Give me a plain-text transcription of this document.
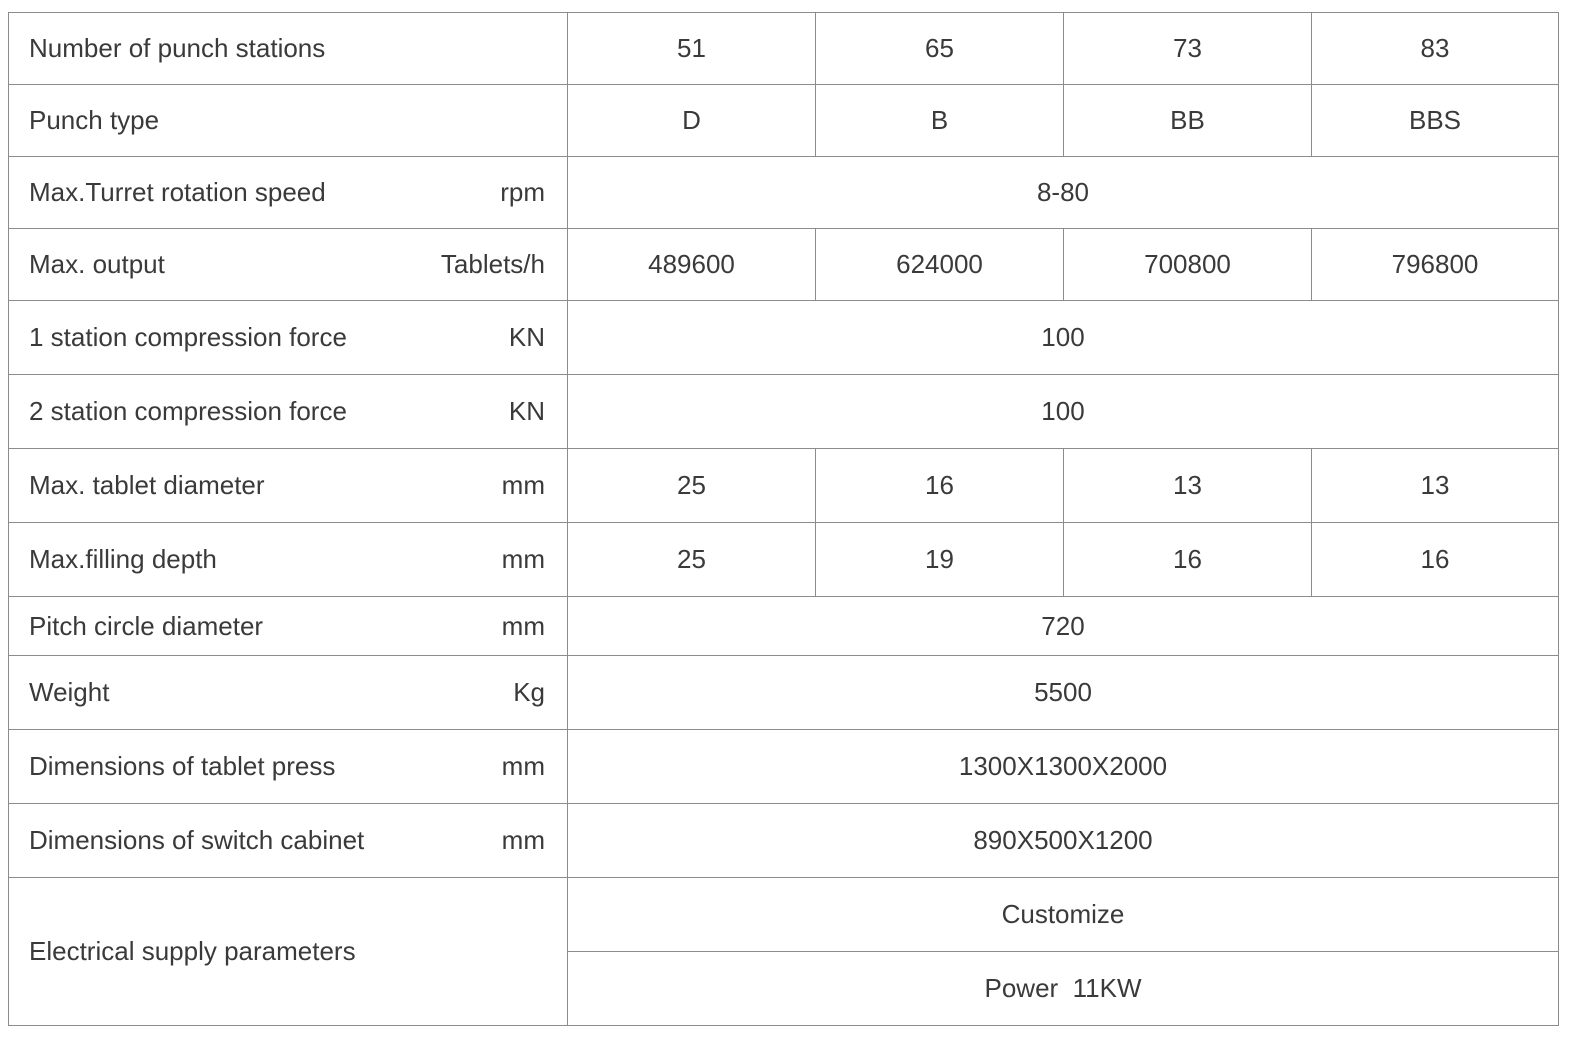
Number of punch stations		51	65	73	83
Punch type		D	B	BB	BBS
Max.Turret rotation speed	rpm	8-80			
Max. output	Tablets/h	489600	624000	700800	796800
1 station compression force	KN	100			
2 station compression force	KN	100			
Max. tablet diameter	mm	25	16	13	13
Max.filling depth	mm	25	19	16	16
Pitch circle diameter	mm	720			
Weight	Kg	5500			
Dimensions of tablet press	mm	1300X1300X2000			
Dimensions of switch cabinet	mm	890X500X1200			
Electrical supply parameters		Customize			
		Power  11KW			
